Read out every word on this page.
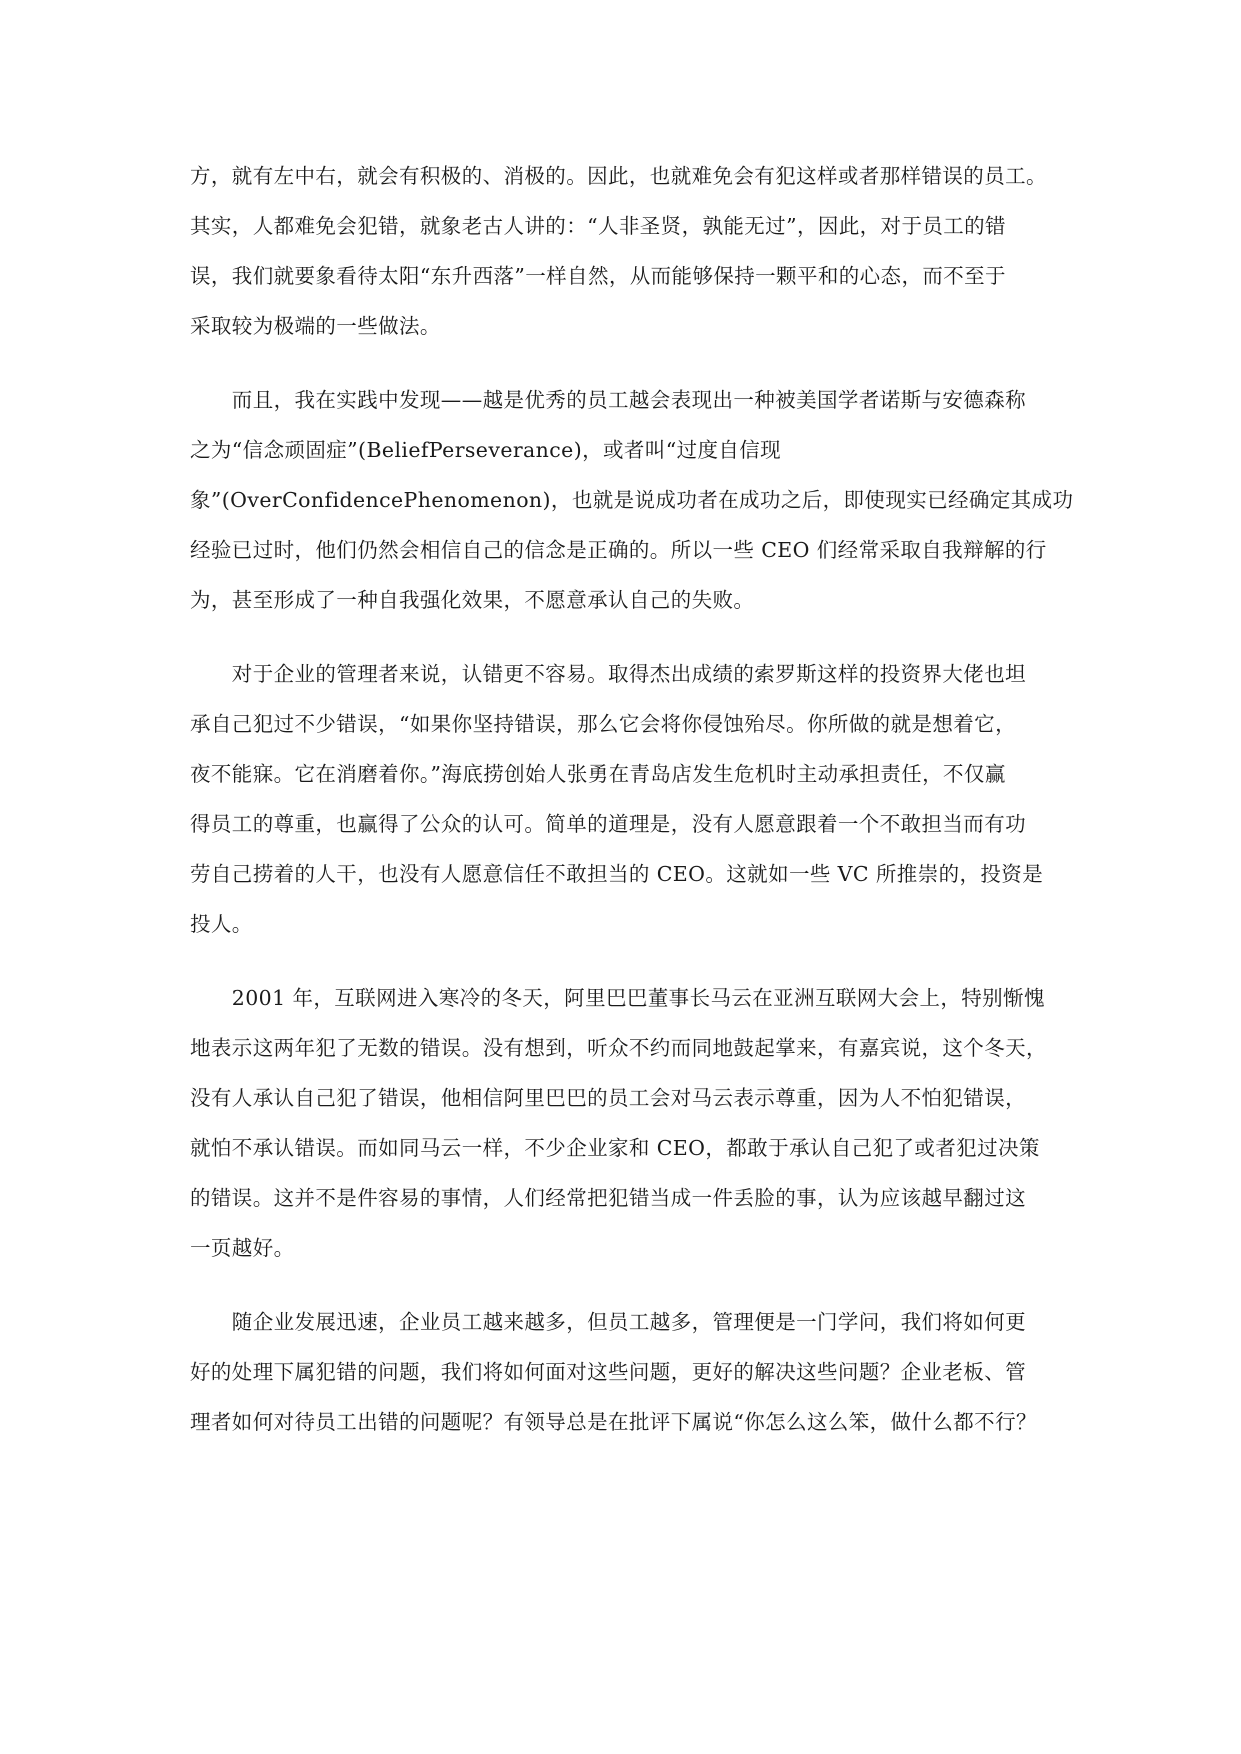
方，就有左中右，就会有积极的、消极的。因此，也就难免会有犯这样或者那样错误的员工。
其实，人都难免会犯错，就象老古人讲的：“人非圣贤，孰能无过”，因此，对于员工的错
误，我们就要象看待太阳“东升西落”一样自然，从而能够保持一颗平和的心态，而不至于
采取较为极端的一些做法。
　　而且，我在实践中发现——越是优秀的员工越会表现出一种被美国学者诺斯与安德森称
之为“信念顽固症”(BeliefPerseverance)，或者叫“过度自信现
象”(OverConfidencePhenomenon)，也就是说成功者在成功之后，即使现实已经确定其成功
经验已过时，他们仍然会相信自己的信念是正确的。所以一些 CEO 们经常采取自我辩解的行
为，甚至形成了一种自我强化效果，不愿意承认自己的失败。
　　对于企业的管理者来说，认错更不容易。取得杰出成绩的索罗斯这样的投资界大佬也坦
承自己犯过不少错误，“如果你坚持错误，那么它会将你侵蚀殆尽。你所做的就是想着它，
夜不能寐。它在消磨着你。”海底捞创始人张勇在青岛店发生危机时主动承担责任，不仅赢
得员工的尊重，也赢得了公众的认可。简单的道理是，没有人愿意跟着一个不敢担当而有功
劳自己捞着的人干，也没有人愿意信任不敢担当的 CEO。这就如一些 VC 所推崇的，投资是
投人。
　　2001 年，互联网进入寒冷的冬天，阿里巴巴董事长马云在亚洲互联网大会上，特别惭愧
地表示这两年犯了无数的错误。没有想到，听众不约而同地鼓起掌来，有嘉宾说，这个冬天，
没有人承认自己犯了错误，他相信阿里巴巴的员工会对马云表示尊重，因为人不怕犯错误，
就怕不承认错误。而如同马云一样，不少企业家和 CEO，都敢于承认自己犯了或者犯过决策
的错误。这并不是件容易的事情，人们经常把犯错当成一件丢脸的事，认为应该越早翻过这
一页越好。
　　随企业发展迅速，企业员工越来越多，但员工越多，管理便是一门学问，我们将如何更
好的处理下属犯错的问题，我们将如何面对这些问题，更好的解决这些问题？企业老板、管
理者如何对待员工出错的问题呢？有领导总是在批评下属说“你怎么这么笨，做什么都不行？
